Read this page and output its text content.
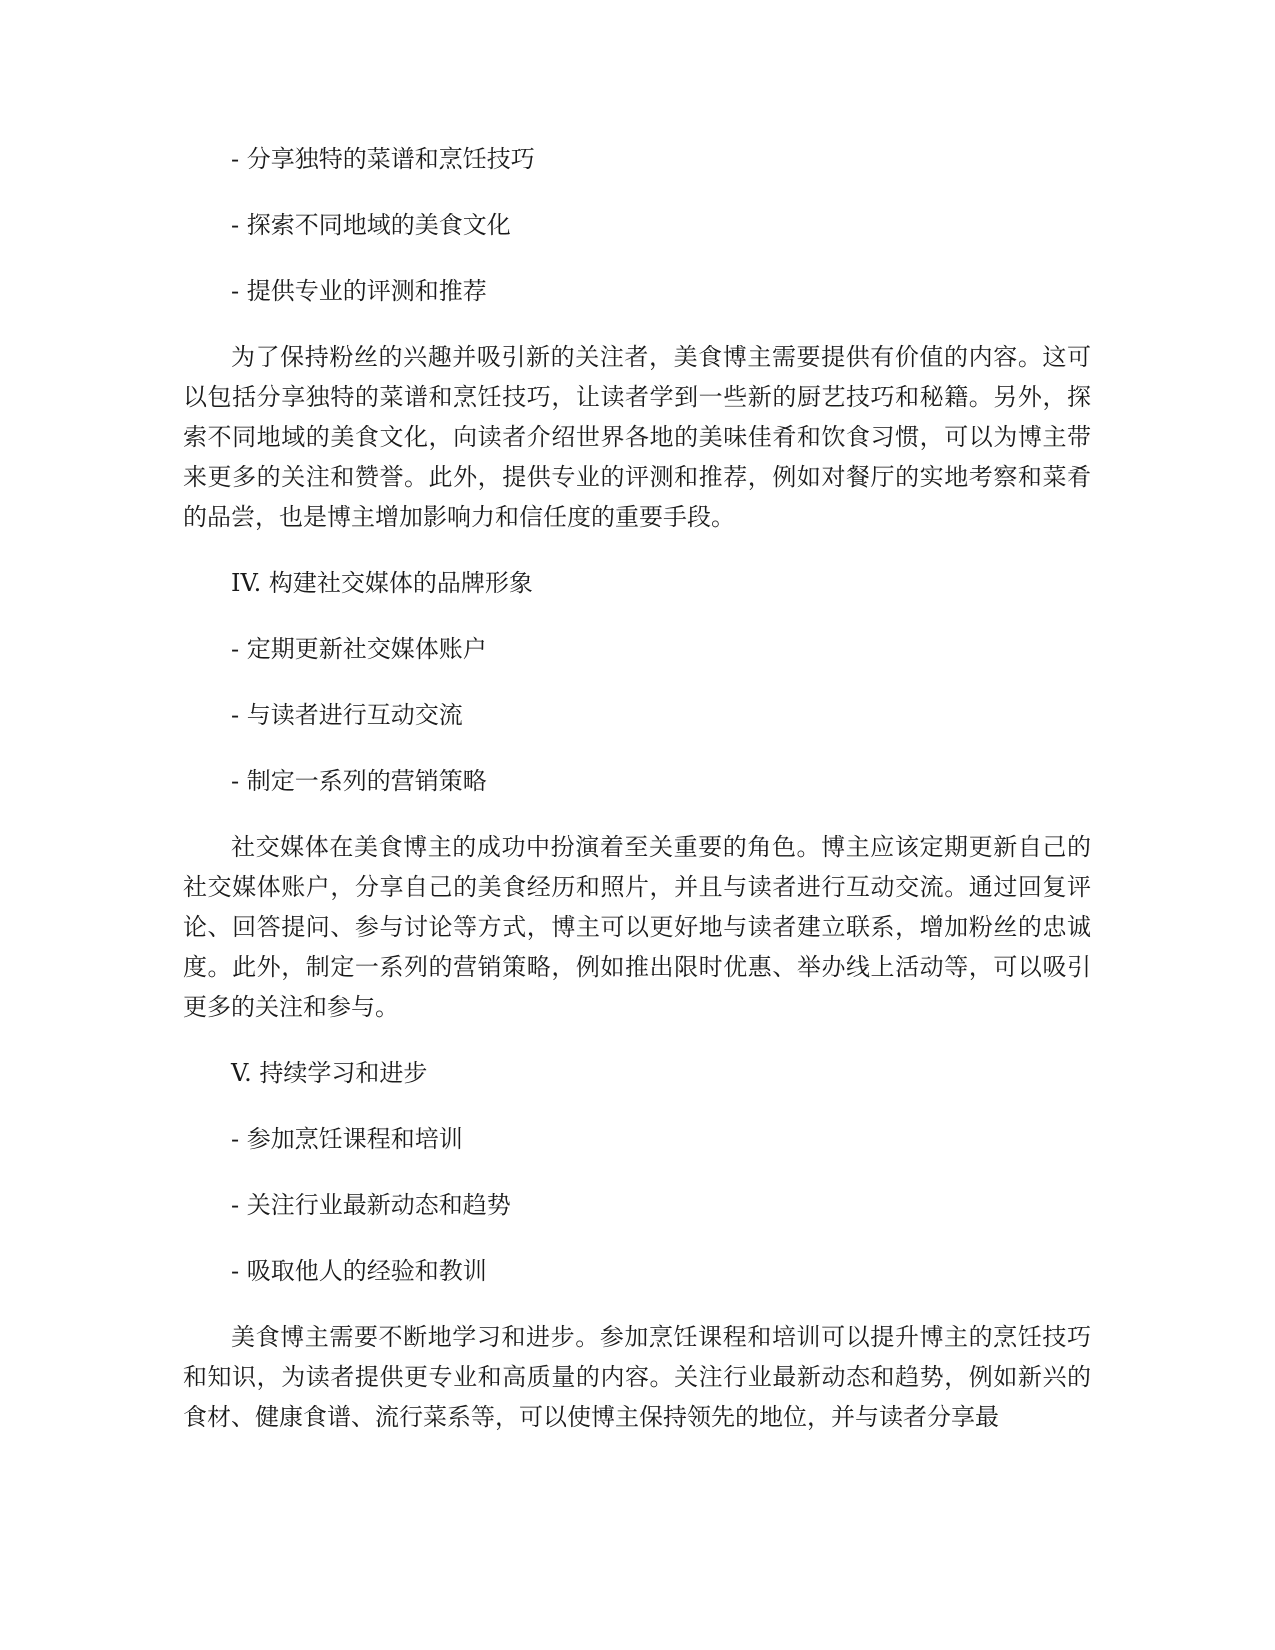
- 分享独特的菜谱和烹饪技巧

- 探索不同地域的美食文化

- 提供专业的评测和推荐

为了保持粉丝的兴趣并吸引新的关注者，美食博主需要提供有价值的内容。这可以包括分享独特的菜谱和烹饪技巧，让读者学到一些新的厨艺技巧和秘籍。另外，探索不同地域的美食文化，向读者介绍世界各地的美味佳肴和饮食习惯，可以为博主带来更多的关注和赞誉。此外，提供专业的评测和推荐，例如对餐厅的实地考察和菜肴的品尝，也是博主增加影响力和信任度的重要手段。

IV. 构建社交媒体的品牌形象

- 定期更新社交媒体账户

- 与读者进行互动交流

- 制定一系列的营销策略

社交媒体在美食博主的成功中扮演着至关重要的角色。博主应该定期更新自己的社交媒体账户，分享自己的美食经历和照片，并且与读者进行互动交流。通过回复评论、回答提问、参与讨论等方式，博主可以更好地与读者建立联系，增加粉丝的忠诚度。此外，制定一系列的营销策略，例如推出限时优惠、举办线上活动等，可以吸引更多的关注和参与。

V. 持续学习和进步

- 参加烹饪课程和培训

- 关注行业最新动态和趋势

- 吸取他人的经验和教训

美食博主需要不断地学习和进步。参加烹饪课程和培训可以提升博主的烹饪技巧和知识，为读者提供更专业和高质量的内容。关注行业最新动态和趋势，例如新兴的食材、健康食谱、流行菜系等，可以使博主保持领先的地位，并与读者分享最
